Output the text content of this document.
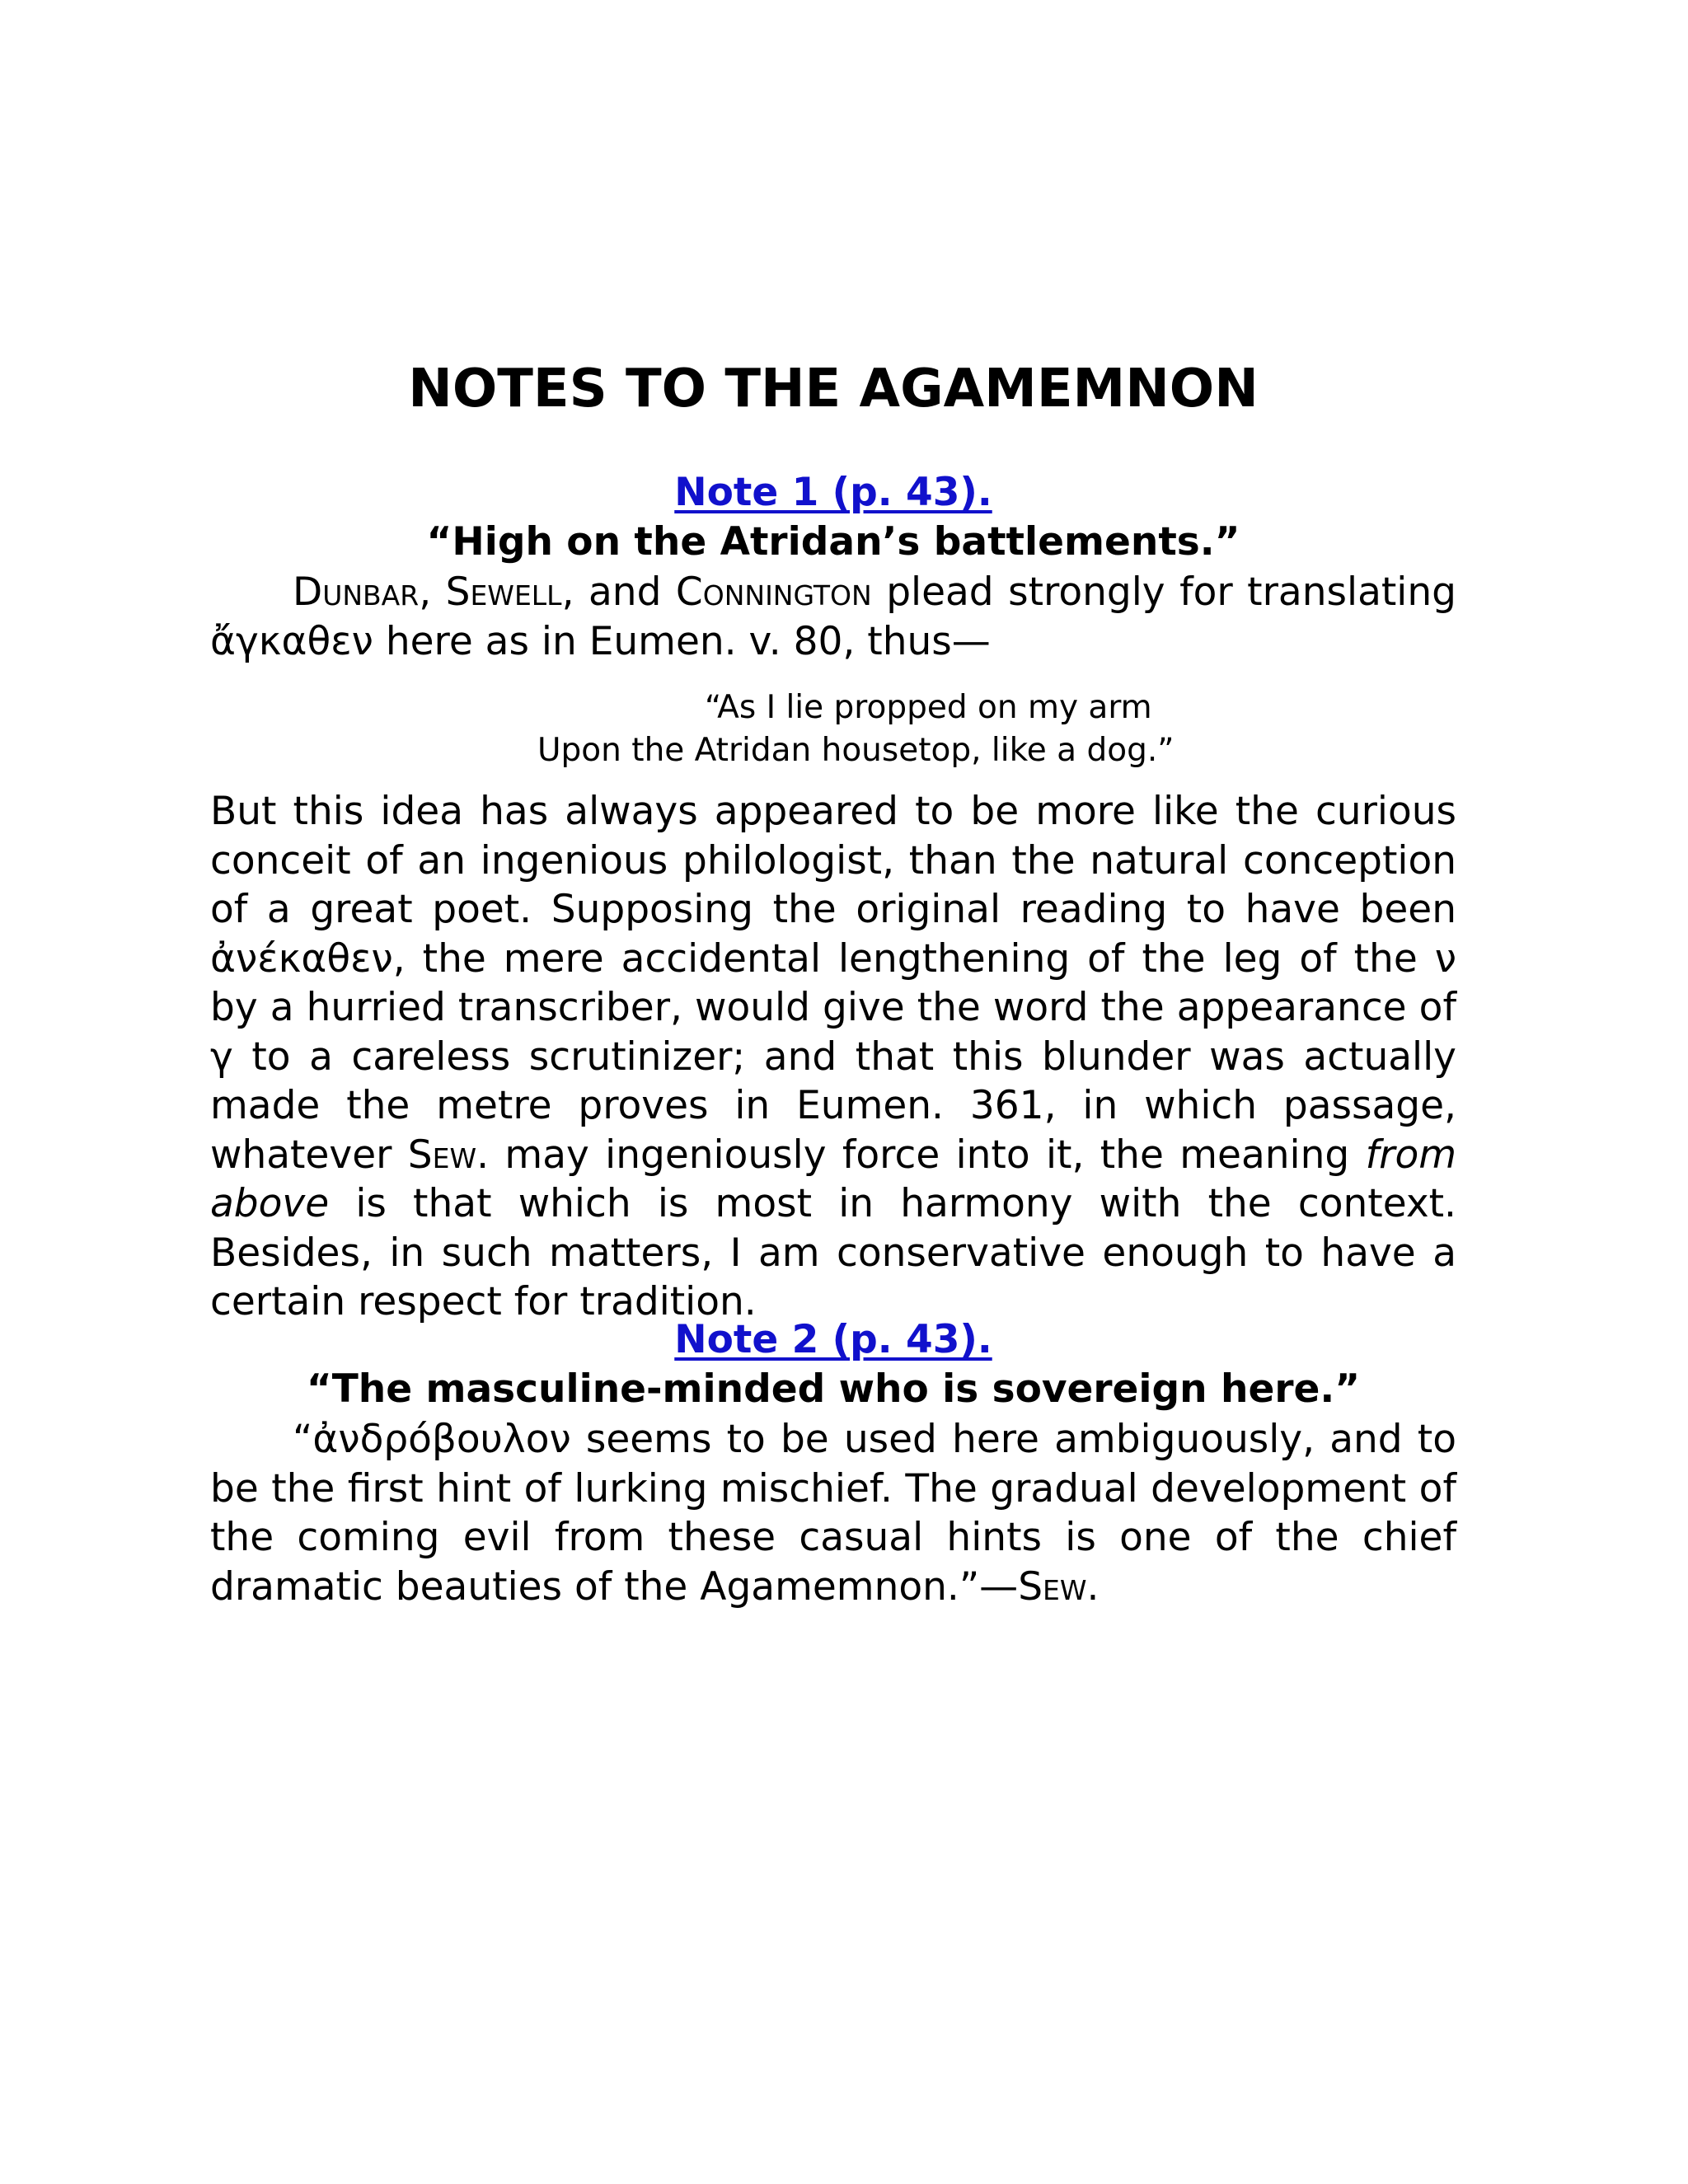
NOTES TO THE AGAMEMNON
Note 1 (p. 43).
“High on the Atridan’s battlements.”

Dunbar, Sewell, and Connington plead strongly for translating ἄγκαθεν here as in Eumen. v. 80, thus—

“As I lie propped on my arm
Upon the Atridan housetop, like a dog.”

But this idea has always appeared to be more like the curious conceit of an ingenious philologist, than the natural conception of a great poet. Supposing the original reading to have been ἀνέκαθεν, the mere accidental lengthening of the leg of the ν by a hurried transcriber, would give the word the appearance of γ to a careless scrutinizer; and that this blunder was actually made the metre proves in Eumen. 361, in which passage, whatever Sew. may ingeniously force into it, the meaning from above is that which is most in harmony with the context. Besides, in such matters, I am conservative enough to have a certain respect for tradition.

Note 2 (p. 43).
“The masculine-minded who is sovereign here.”

“ἀνδρόβουλον seems to be used here ambiguously, and to be the first hint of lurking mischief. The gradual development of the coming evil from these casual hints is one of the chief dramatic beauties of the Agamemnon.”—Sew.
